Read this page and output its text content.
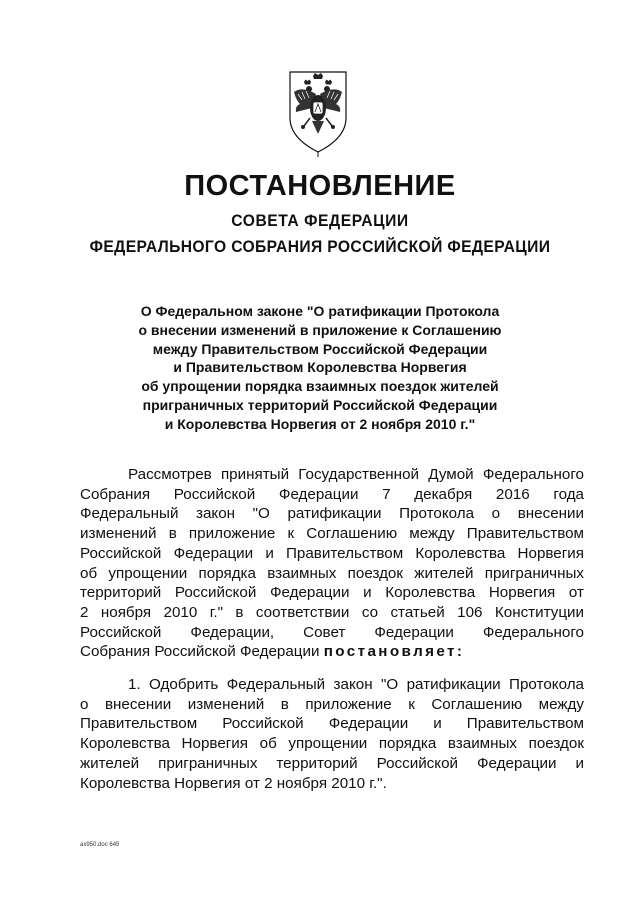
ПОСТАНОВЛЕНИЕ
СОВЕТА ФЕДЕРАЦИИ
ФЕДЕРАЛЬНОГО СОБРАНИЯ РОССИЙСКОЙ ФЕДЕРАЦИИ
О Федеральном законе "О ратификации Протокола
о внесении изменений в приложение к Соглашению
между Правительством Российской Федерации
и Правительством Королевства Норвегия
об упрощении порядка взаимных поездок жителей
приграничных территорий Российской Федерации
и Королевства Норвегия от 2 ноября 2010 г."
Рассмотрев принятый Государственной Думой Федерального
Собрания Российской Федерации 7 декабря 2016 года
Федеральный закон "О ратификации Протокола о внесении
изменений в приложение к Соглашению между Правительством
Российской Федерации и Правительством Королевства Норвегия
об упрощении порядка взаимных поездок жителей приграничных
территорий Российской Федерации и Королевства Норвегия от
2 ноября 2010 г." в соответствии со статьей 106 Конституции
Российской Федерации, Совет Федерации Федерального
Собрания Российской Федерации постановляет:
1. Одобрить Федеральный закон "О ратификации Протокола
о внесении изменений в приложение к Соглашению между
Правительством Российской Федерации и Правительством
Королевства Норвегия об упрощении порядка взаимных поездок
жителей приграничных территорий Российской Федерации и
Королевства Норвегия от 2 ноября 2010 г.".
ax950.doc 645
